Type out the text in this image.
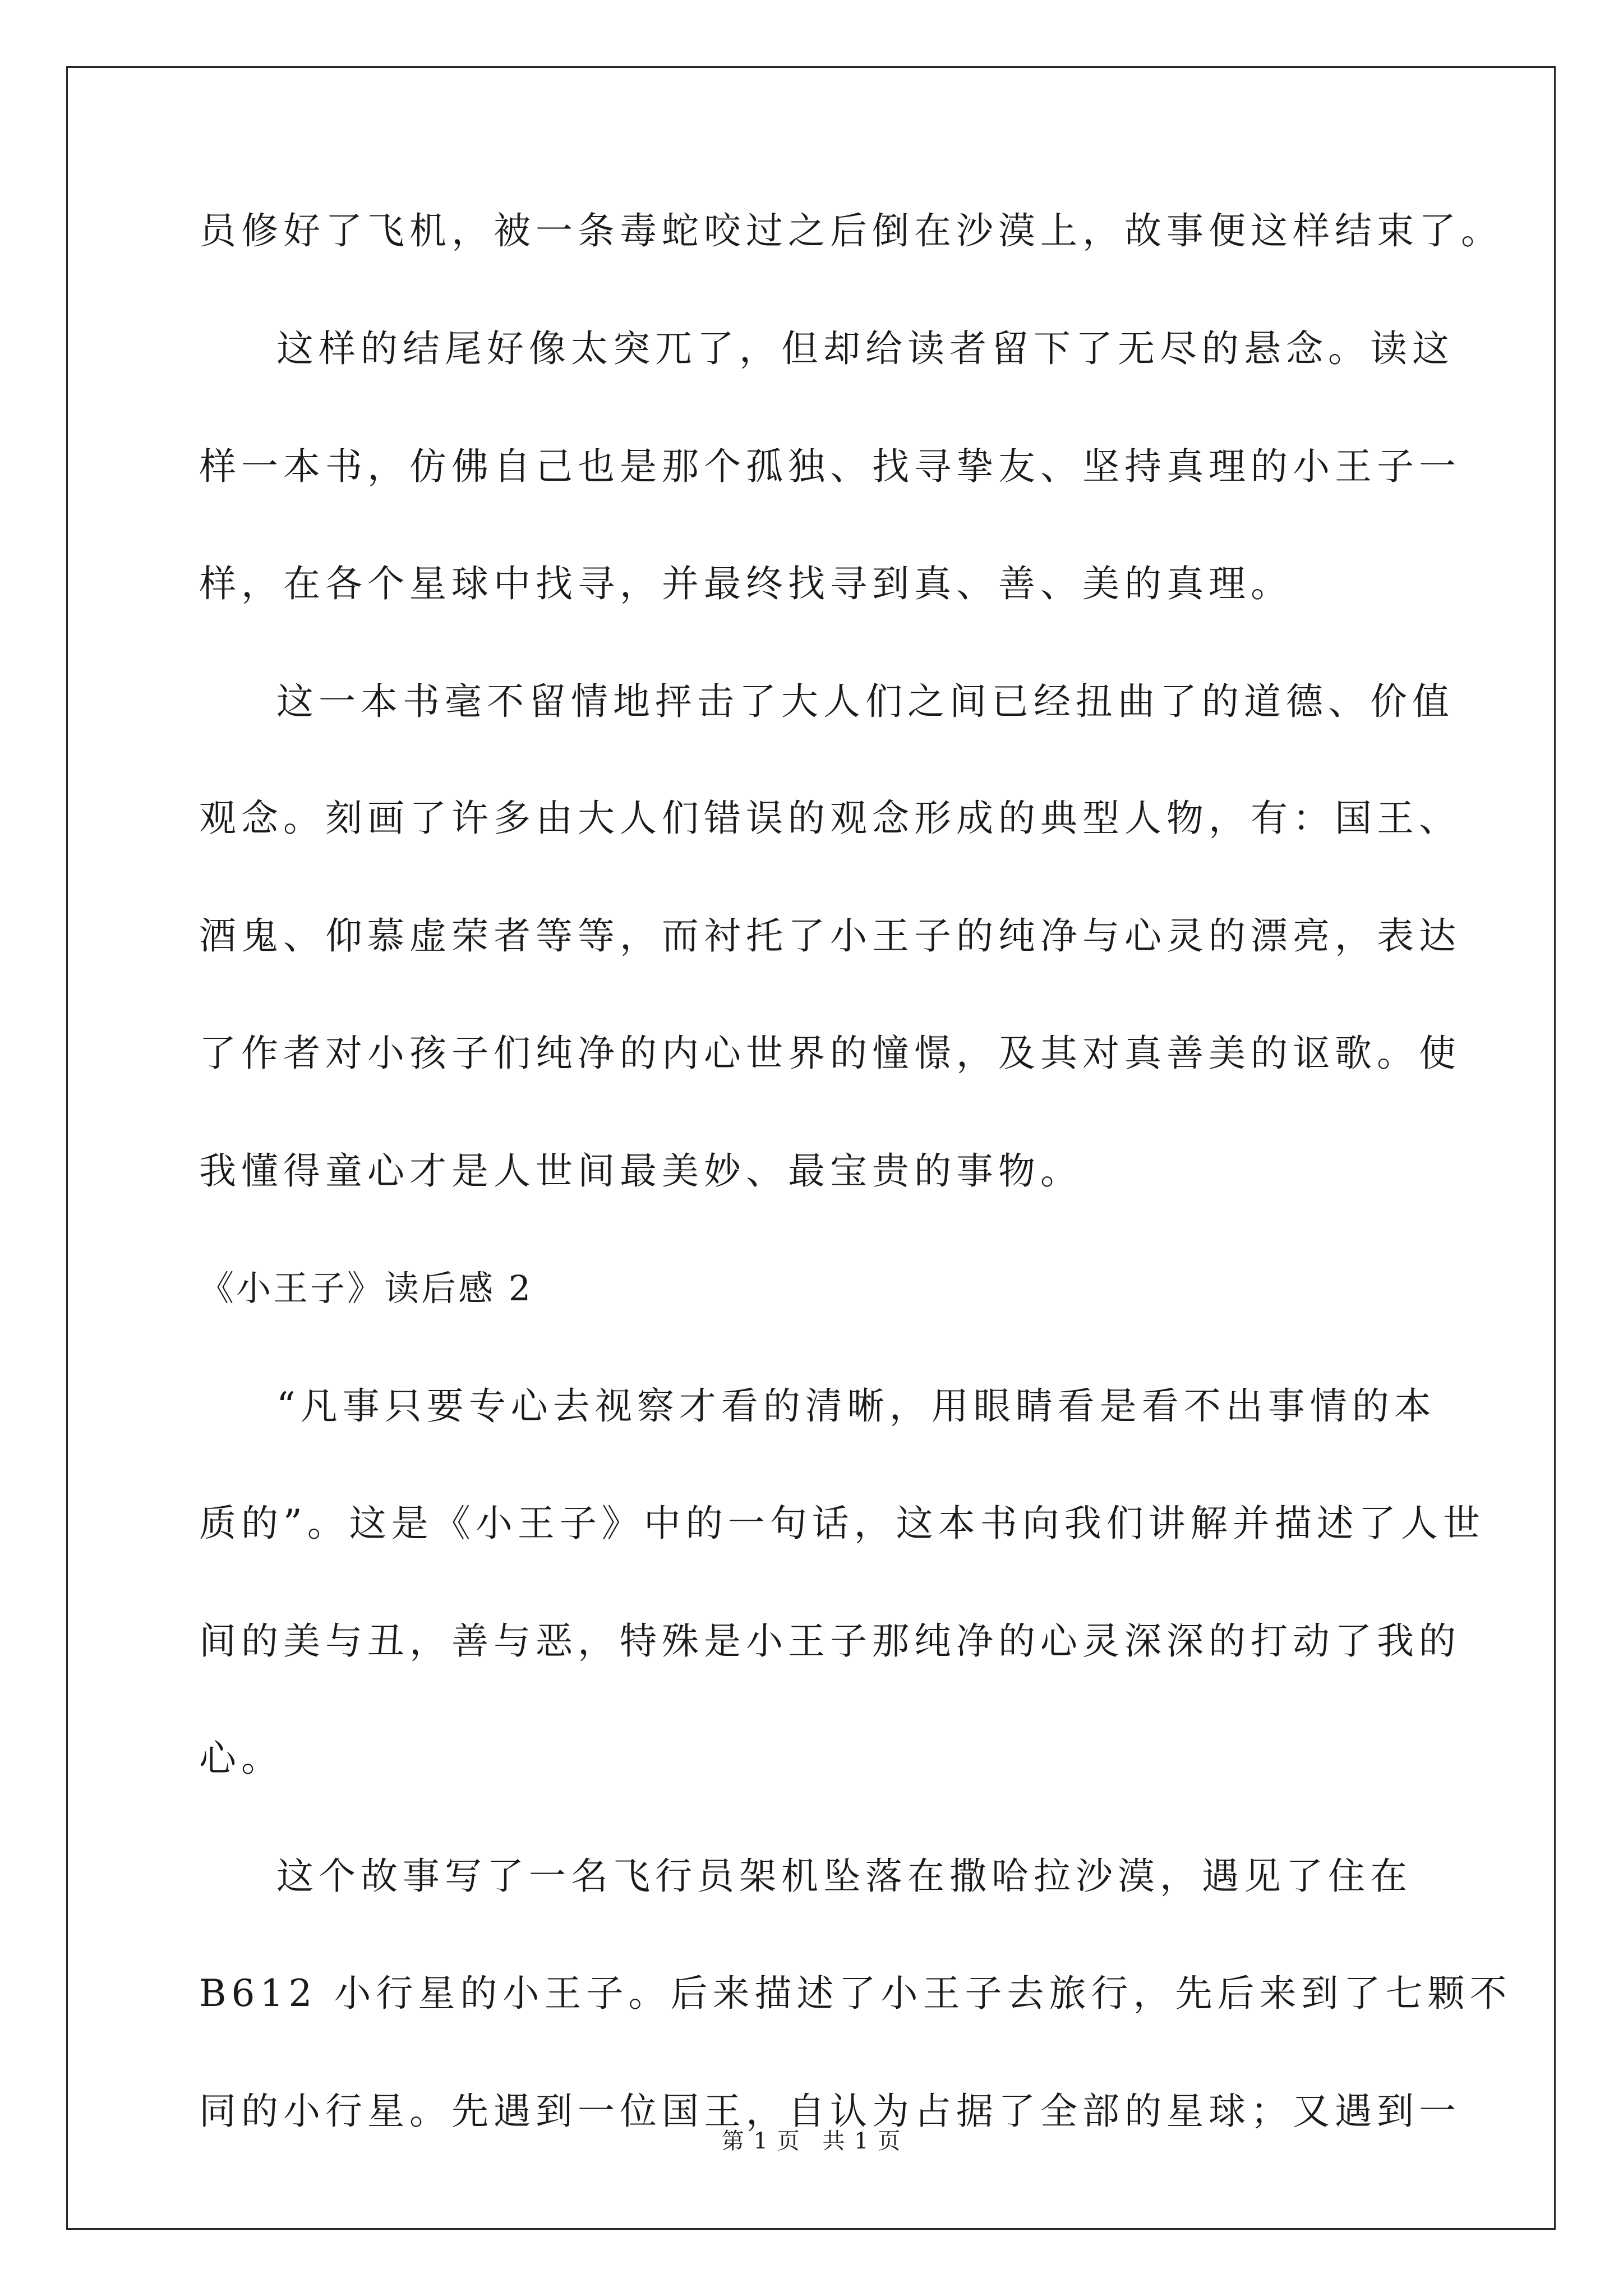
员修好了飞机，被一条毒蛇咬过之后倒在沙漠上，故事便这样结束了。
这样的结尾好像太突兀了，但却给读者留下了无尽的悬念。读这
样一本书，仿佛自己也是那个孤独、找寻挚友、坚持真理的小王子一
样，在各个星球中找寻，并最终找寻到真、善、美的真理。
这一本书毫不留情地抨击了大人们之间已经扭曲了的道德、价值
观念。刻画了许多由大人们错误的观念形成的典型人物，有：国王、
酒鬼、仰慕虚荣者等等，而衬托了小王子的纯净与心灵的漂亮，表达
了作者对小孩子们纯净的内心世界的憧憬，及其对真善美的讴歌。使
我懂得童心才是人世间最美妙、最宝贵的事物。
《小王子》读后感 2
“凡事只要专心去视察才看的清晰，用眼睛看是看不出事情的本
质的”。这是《小王子》中的一句话，这本书向我们讲解并描述了人世
间的美与丑，善与恶，特殊是小王子那纯净的心灵深深的打动了我的
心。
这个故事写了一名飞行员架机坠落在撒哈拉沙漠，遇见了住在
B612 小行星的小王子。后来描述了小王子去旅行，先后来到了七颗不
同的小行星。先遇到一位国王，自认为占据了全部的星球；又遇到一
第 1 页 共 1 页
